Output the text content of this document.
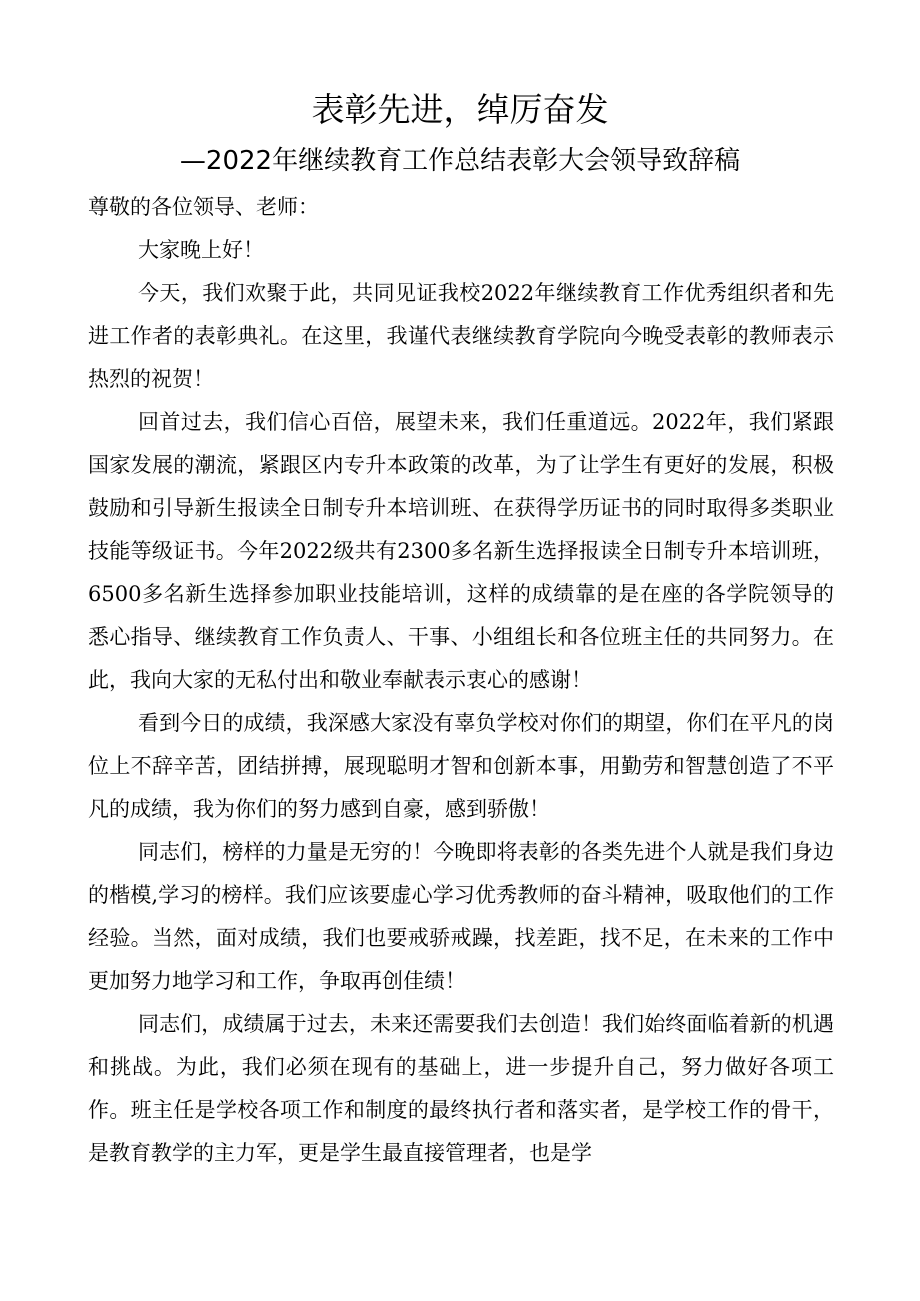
表彰先进，绰厉奋发
—2022年继续教育工作总结表彰大会领导致辞稿

尊敬的各位领导、老师：

大家晚上好！

今天，我们欢聚于此，共同见证我校2022年继续教育工作优秀组织者和先进工作者的表彰典礼。在这里，我谨代表继续教育学院向今晚受表彰的教师表示热烈的祝贺！

回首过去，我们信心百倍，展望未来，我们任重道远。2022年，我们紧跟国家发展的潮流，紧跟区内专升本政策的改革，为了让学生有更好的发展，积极鼓励和引导新生报读全日制专升本培训班、在获得学历证书的同时取得多类职业技能等级证书。今年2022级共有2300多名新生选择报读全日制专升本培训班，6500多名新生选择参加职业技能培训，这样的成绩靠的是在座的各学院领导的悉心指导、继续教育工作负责人、干事、小组组长和各位班主任的共同努力。在此，我向大家的无私付出和敬业奉献表示衷心的感谢！

看到今日的成绩，我深感大家没有辜负学校对你们的期望，你们在平凡的岗位上不辞辛苦，团结拼搏，展现聪明才智和创新本事，用勤劳和智慧创造了不平凡的成绩，我为你们的努力感到自豪，感到骄傲！

同志们，榜样的力量是无穷的！今晚即将表彰的各类先进个人就是我们身边的楷模,学习的榜样。我们应该要虚心学习优秀教师的奋斗精神，吸取他们的工作经验。当然，面对成绩，我们也要戒骄戒躁，找差距，找不足，在未来的工作中更加努力地学习和工作，争取再创佳绩！

同志们，成绩属于过去，未来还需要我们去创造！我们始终面临着新的机遇和挑战。为此，我们必须在现有的基础上，进一步提升自己，努力做好各项工作。班主任是学校各项工作和制度的最终执行者和落实者，是学校工作的骨干，是教育教学的主力军，更是学生最直接管理者，也是学
